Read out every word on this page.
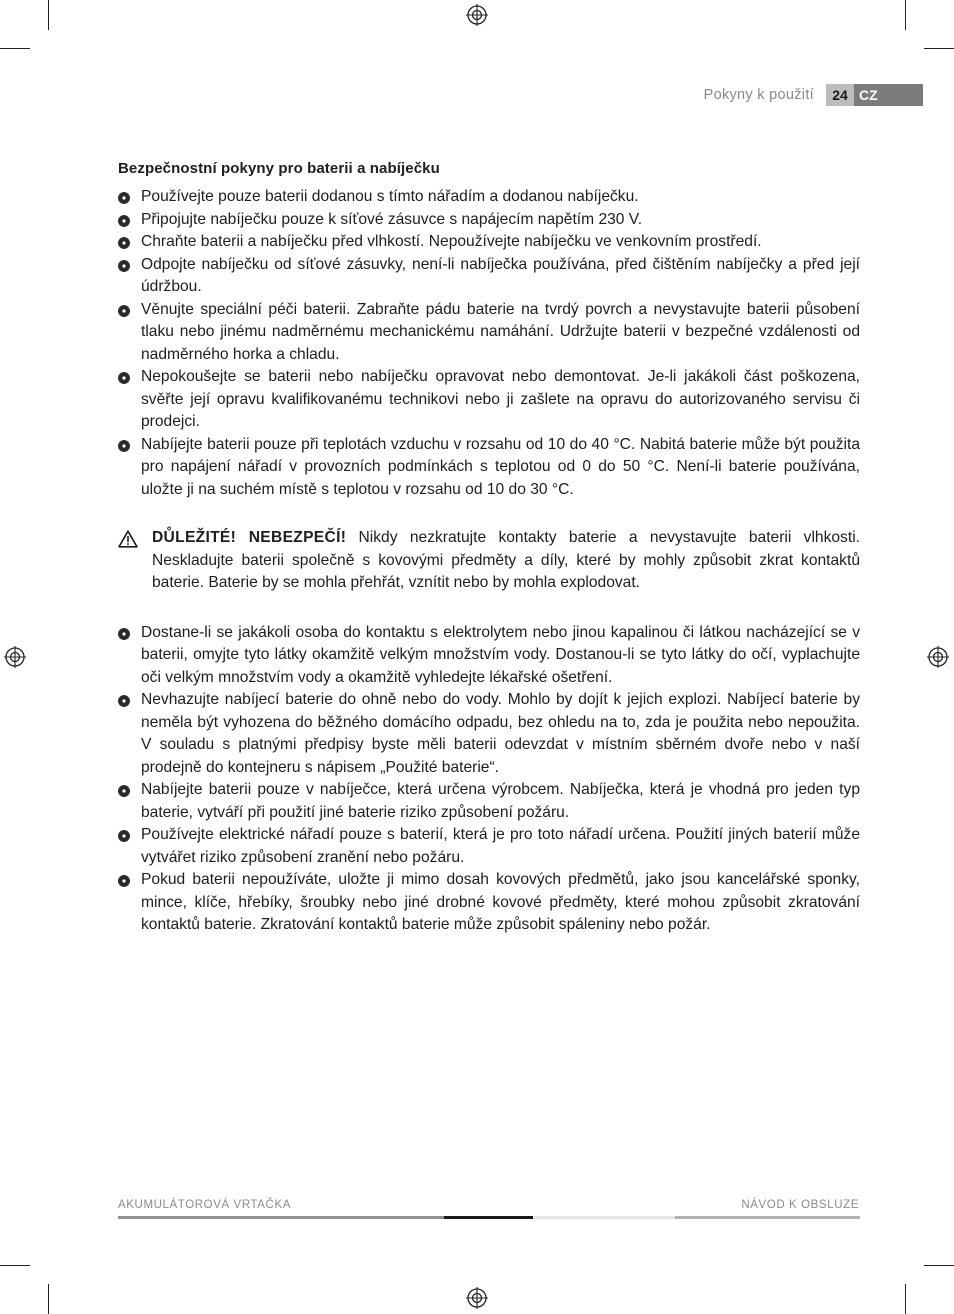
Pokyny k použití	24 CZ
Bezpečnostní pokyny pro baterii a nabíječku
Používejte pouze baterii dodanou s tímto nářadím a dodanou nabíječku.
Připojujte nabíječku pouze k síťové zásuvce s napájecím napětím 230 V.
Chraňte baterii a nabíječku před vlhkostí. Nepoužívejte nabíječku ve venkovním prostředí.
Odpojte nabíječku od síťové zásuvky, není-li nabíječka používána, před čištěním nabíječky a před její údržbou.
Věnujte speciální péči baterii. Zabraňte pádu baterie na tvrdý povrch a nevystavujte baterii působení tlaku nebo jinému nadměrnému mechanickému namáhání. Udržujte baterii v bezpečné vzdálenosti od nadměrného horka a chladu.
Nepokoušejte se baterii nebo nabíječku opravovat nebo demontovat. Je-li jakákoli část poškozena, svěřte její opravu kvalifikovanému technikovi nebo ji zašlete na opravu do autorizovaného servisu či prodejci.
Nabíjejte baterii pouze při teplotách vzduchu v rozsahu od 10 do 40 °C. Nabitá baterie může být použita pro napájení nářadí v provozních podmínkách s teplotou od 0 do 50 °C. Není-li baterie používána, uložte ji na suchém místě s teplotou v rozsahu od 10 do 30 °C.
DŮLEŽITÉ! NEBEZPEČÍ! Nikdy nezkratujte kontakty baterie a nevystavujte baterii vlhkosti. Neskladujte baterii společně s kovovými předměty a díly, které by mohly způsobit zkrat kontaktů baterie. Baterie by se mohla přehřát, vznítit nebo by mohla explodovat.
Dostane-li se jakákoli osoba do kontaktu s elektrolytem nebo jinou kapalinou či látkou nacházející se v baterii, omyjte tyto látky okamžitě velkým množstvím vody. Dostanou-li se tyto látky do očí, vyplachujte oči velkým množstvím vody a okamžitě vyhledejte lékařské ošetření.
Nevhazujte nabíjecí baterie do ohně nebo do vody. Mohlo by dojít k jejich explozi. Nabíjecí baterie by neměla být vyhozena do běžného domácího odpadu, bez ohledu na to, zda je použita nebo nepoužita. V souladu s platnými předpisy byste měli baterii odevzdat v místním sběrném dvoře nebo v naší prodejně do kontejneru s nápisem „Použité baterie“.
Nabíjejte baterii pouze v nabíječce, která určena výrobcem. Nabíječka, která je vhodná pro jeden typ baterie, vytváří při použití jiné baterie riziko způsobení požáru.
Používejte elektrické nářadí pouze s baterií, která je pro toto nářadí určena. Použití jiných baterií může vytvářet riziko způsobení zranění nebo požáru.
Pokud baterii nepoužíváte, uložte ji mimo dosah kovových předmětů, jako jsou kancelářské sponky, mince, klíče, hřebíky, šroubky nebo jiné drobné kovové předměty, které mohou způsobit zkratování kontaktů baterie. Zkratování kontaktů baterie může způsobit spáleniny nebo požár.
AKUMULÁTOROVÁ VRTAČKA	NÁVOD K OBSLUZE
